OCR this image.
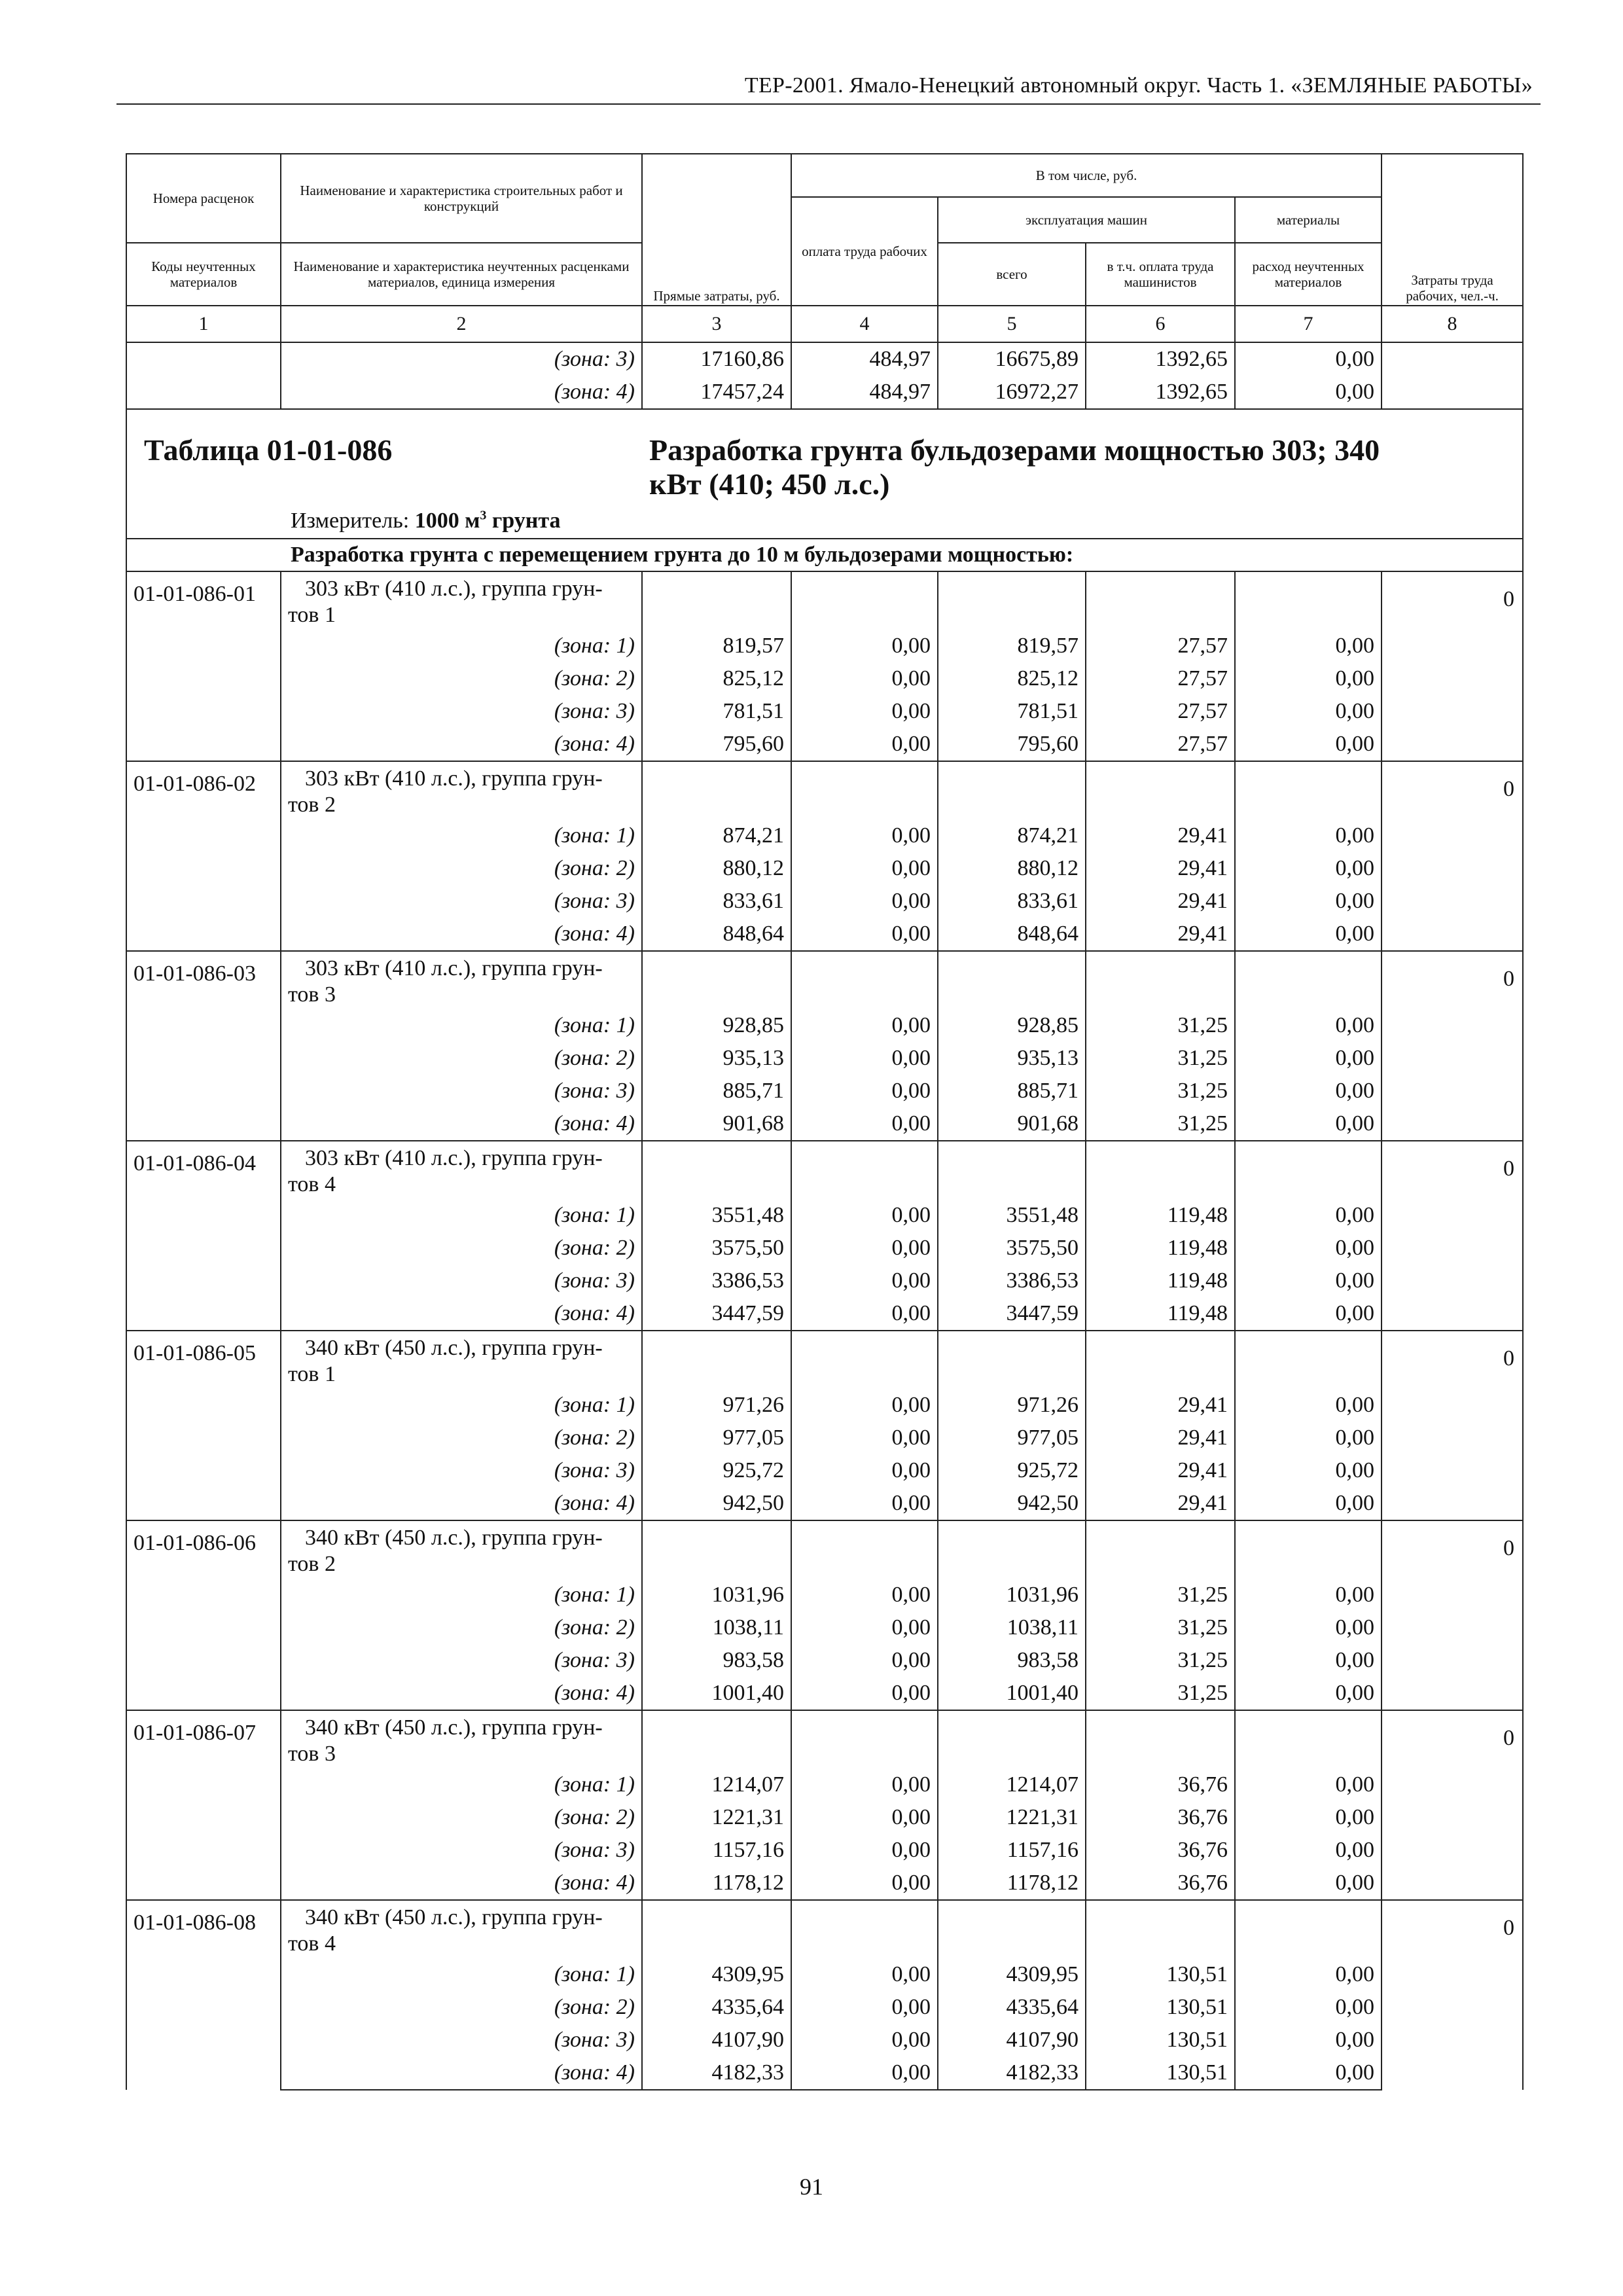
ТЕР-2001. Ямало-Ненецкий автономный округ. Часть 1. «ЗЕМЛЯНЫЕ РАБОТЫ»
Номера расценок	Наименование и характеристика строительных работ и конструкций	Прямые затраты, руб.	В том числе, руб.				Затраты труда рабочих, чел.-ч.
			оплата труда рабочих	эксплуатация машин		материалы	
Коды неучтенных материалов	Наименование и характеристика неучтенных расценками материалов, единица измерения			всего	в т.ч. оплата труда машинистов	расход неучтенных материалов	
1	2	3	4	5	6	7	8
	(зона: 3)	17160,86	484,97	16675,89	1392,65	0,00	
	(зона: 4)	17457,24	484,97	16972,27	1392,65	0,00	

Таблица 01-01-086 Разработка грунта бульдозерами мощностью 303; 340
кВт (410; 450 л.с.)							

Измеритель: 1000 $м^3$ грунта							
Разработка грунта с перемещением грунта до 10 м бульдозерами мощностью:							
01-01-086-01	303 кВт (410 л.с.), группа грун-
тов 1						0
	(зона: 1)	819,57	0,00	819,57	27,57	0,00	
	(зона: 2)	825,12	0,00	825,12	27,57	0,00	
	(зона: 3)	781,51	0,00	781,51	27,57	0,00	
	(зона: 4)	795,60	0,00	795,60	27,57	0,00	
01-01-086-02	303 кВт (410 л.с.), группа грун-
тов 2						0
	(зона: 1)	874,21	0,00	874,21	29,41	0,00	
	(зона: 2)	880,12	0,00	880,12	29,41	0,00	
	(зона: 3)	833,61	0,00	833,61	29,41	0,00	
	(зона: 4)	848,64	0,00	848,64	29,41	0,00	
01-01-086-03	303 кВт (410 л.с.), группа грун-
тов 3						0
	(зона: 1)	928,85	0,00	928,85	31,25	0,00	
	(зона: 2)	935,13	0,00	935,13	31,25	0,00	
	(зона: 3)	885,71	0,00	885,71	31,25	0,00	
	(зона: 4)	901,68	0,00	901,68	31,25	0,00	
01-01-086-04	303 кВт (410 л.с.), группа грун-
тов 4						0
	(зона: 1)	3551,48	0,00	3551,48	119,48	0,00	
	(зона: 2)	3575,50	0,00	3575,50	119,48	0,00	
	(зона: 3)	3386,53	0,00	3386,53	119,48	0,00	
	(зона: 4)	3447,59	0,00	3447,59	119,48	0,00	
01-01-086-05	340 кВт (450 л.с.), группа грун-
тов 1						0
	(зона: 1)	971,26	0,00	971,26	29,41	0,00	
	(зона: 2)	977,05	0,00	977,05	29,41	0,00	
	(зона: 3)	925,72	0,00	925,72	29,41	0,00	
	(зона: 4)	942,50	0,00	942,50	29,41	0,00	
01-01-086-06	340 кВт (450 л.с.), группа грун-
тов 2						0
	(зона: 1)	1031,96	0,00	1031,96	31,25	0,00	
	(зона: 2)	1038,11	0,00	1038,11	31,25	0,00	
	(зона: 3)	983,58	0,00	983,58	31,25	0,00	
	(зона: 4)	1001,40	0,00	1001,40	31,25	0,00	
01-01-086-07	340 кВт (450 л.с.), группа грун-
тов 3						0
	(зона: 1)	1214,07	0,00	1214,07	36,76	0,00	
	(зона: 2)	1221,31	0,00	1221,31	36,76	0,00	
	(зона: 3)	1157,16	0,00	1157,16	36,76	0,00	
	(зона: 4)	1178,12	0,00	1178,12	36,76	0,00	
01-01-086-08	340 кВт (450 л.с.), группа грун-
тов 4						0
	(зона: 1)	4309,95	0,00	4309,95	130,51	0,00	
	(зона: 2)	4335,64	0,00	4335,64	130,51	0,00	
	(зона: 3)	4107,90	0,00	4107,90	130,51	0,00	
	(зона: 4)	4182,33	0,00	4182,33	130,51	0,00	
91
